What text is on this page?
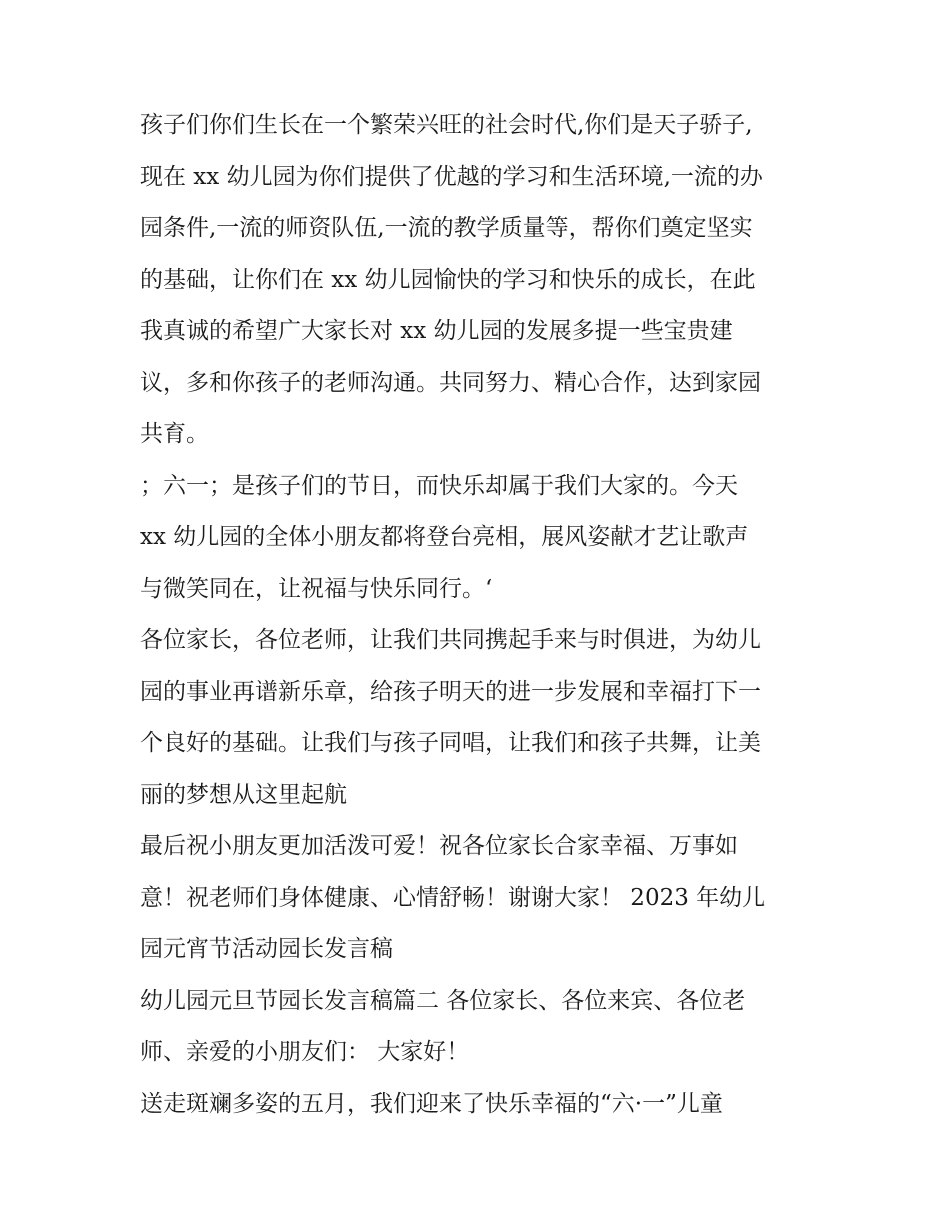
孩子们你们生长在一个繁荣兴旺的社会时代,你们是天子骄子,
现在 xx 幼儿园为你们提供了优越的学习和生活环境,一流的办
园条件,一流的师资队伍,一流的教学质量等，帮你们奠定坚实
的基础，让你们在 xx 幼儿园愉快的学习和快乐的成长，在此
我真诚的希望广大家长对 xx 幼儿园的发展多提一些宝贵建
议，多和你孩子的老师沟通。共同努力、精心合作，达到家园
共育。
；六一；是孩子们的节日，而快乐却属于我们大家的。今天
xx 幼儿园的全体小朋友都将登台亮相，展风姿献才艺让歌声
与微笑同在，让祝福与快乐同行。‘
各位家长，各位老师，让我们共同携起手来与时俱进，为幼儿
园的事业再谱新乐章，给孩子明天的进一步发展和幸福打下一
个良好的基础。让我们与孩子同唱，让我们和孩子共舞，让美
丽的梦想从这里起航
最后祝小朋友更加活泼可爱！祝各位家长合家幸福、万事如
意！祝老师们身体健康、心情舒畅！谢谢大家！ 2023 年幼儿
园元宵节活动园长发言稿
幼儿园元旦节园长发言稿篇二 各位家长、各位来宾、各位老
师、亲爱的小朋友们： 大家好！
送走斑斓多姿的五月，我们迎来了快乐幸福的“六·一”儿童
